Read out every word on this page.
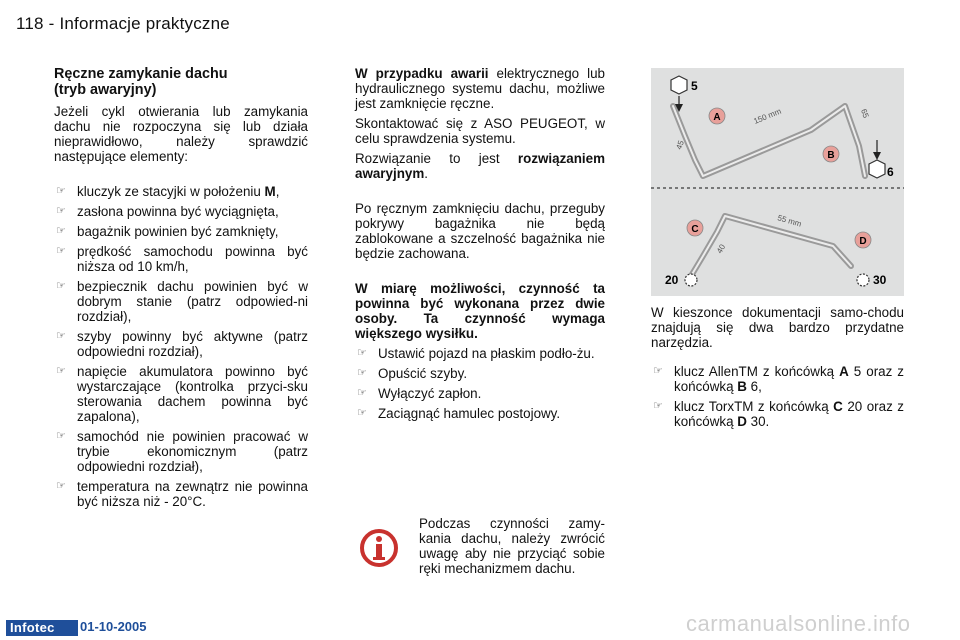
118 - Informacje praktyczne
Ręczne zamykanie dachu
(tryb awaryjny)

Jeżeli cykl otwierania lub zamykania dachu nie rozpoczyna się lub działa nieprawidłowo, należy sprawdzić następujące elementy:

☞ kluczyk ze stacyjki w położeniu M,
☞ zasłona powinna być wyciągnięta,
☞ bagażnik powinien być zamknięty,
☞ prędkość samochodu powinna być niższa od 10 km/h,
☞ bezpiecznik dachu powinien być w dobrym stanie (patrz odpowied-ni rozdział),
☞ szyby powinny być aktywne (patrz odpowiedni rozdział),
☞ napięcie akumulatora powinno być wystarczające (kontrolka przyci-sku sterowania dachem powinna być zapalona),
☞ samochód nie powinien pracować w trybie ekonomicznym (patrz odpowiedni rozdział),
☞ temperatura na zewnątrz nie powinna być niższa niż - 20°C.

W przypadku awarii elektrycznego lub hydraulicznego systemu dachu, możliwe jest zamknięcie ręczne.

Skontaktować się z ASO PEUGEOT, w celu sprawdzenia systemu.

Rozwiązanie to jest rozwiązaniem awaryjnym.

Po ręcznym zamknięciu dachu, przeguby pokrywy bagażnika nie będą zablokowane a szczelność bagażnika nie będzie zachowana.

W miarę możliwości, czynność ta powinna być wykonana przez dwie osoby. Ta czynność wymaga większego wysiłku.

☞ Ustawić pojazd na płaskim podło-żu.
☞ Opuścić szyby.
☞ Wyłączyć zapłon.
☞ Zaciągnąć hamulec postojowy.
5
6
A
B
45
150 mm	65
20	30
C
D
40
55 mm

W kieszonce dokumentacji samo-chodu znajdują się dwa bardzo przydatne narzędzia.

☞ klucz AllenTM z końcówką A 5 oraz z końcówką B 6,
☞ klucz TorxTM z końcówką C 20 oraz z końcówką D 30.

Podczas czynności zamy-kania dachu, należy zwrócić uwagę aby nie przyciąć sobie ręki mechanizmem dachu.

Infotec	01-10-2005	carmanualsonline.info
